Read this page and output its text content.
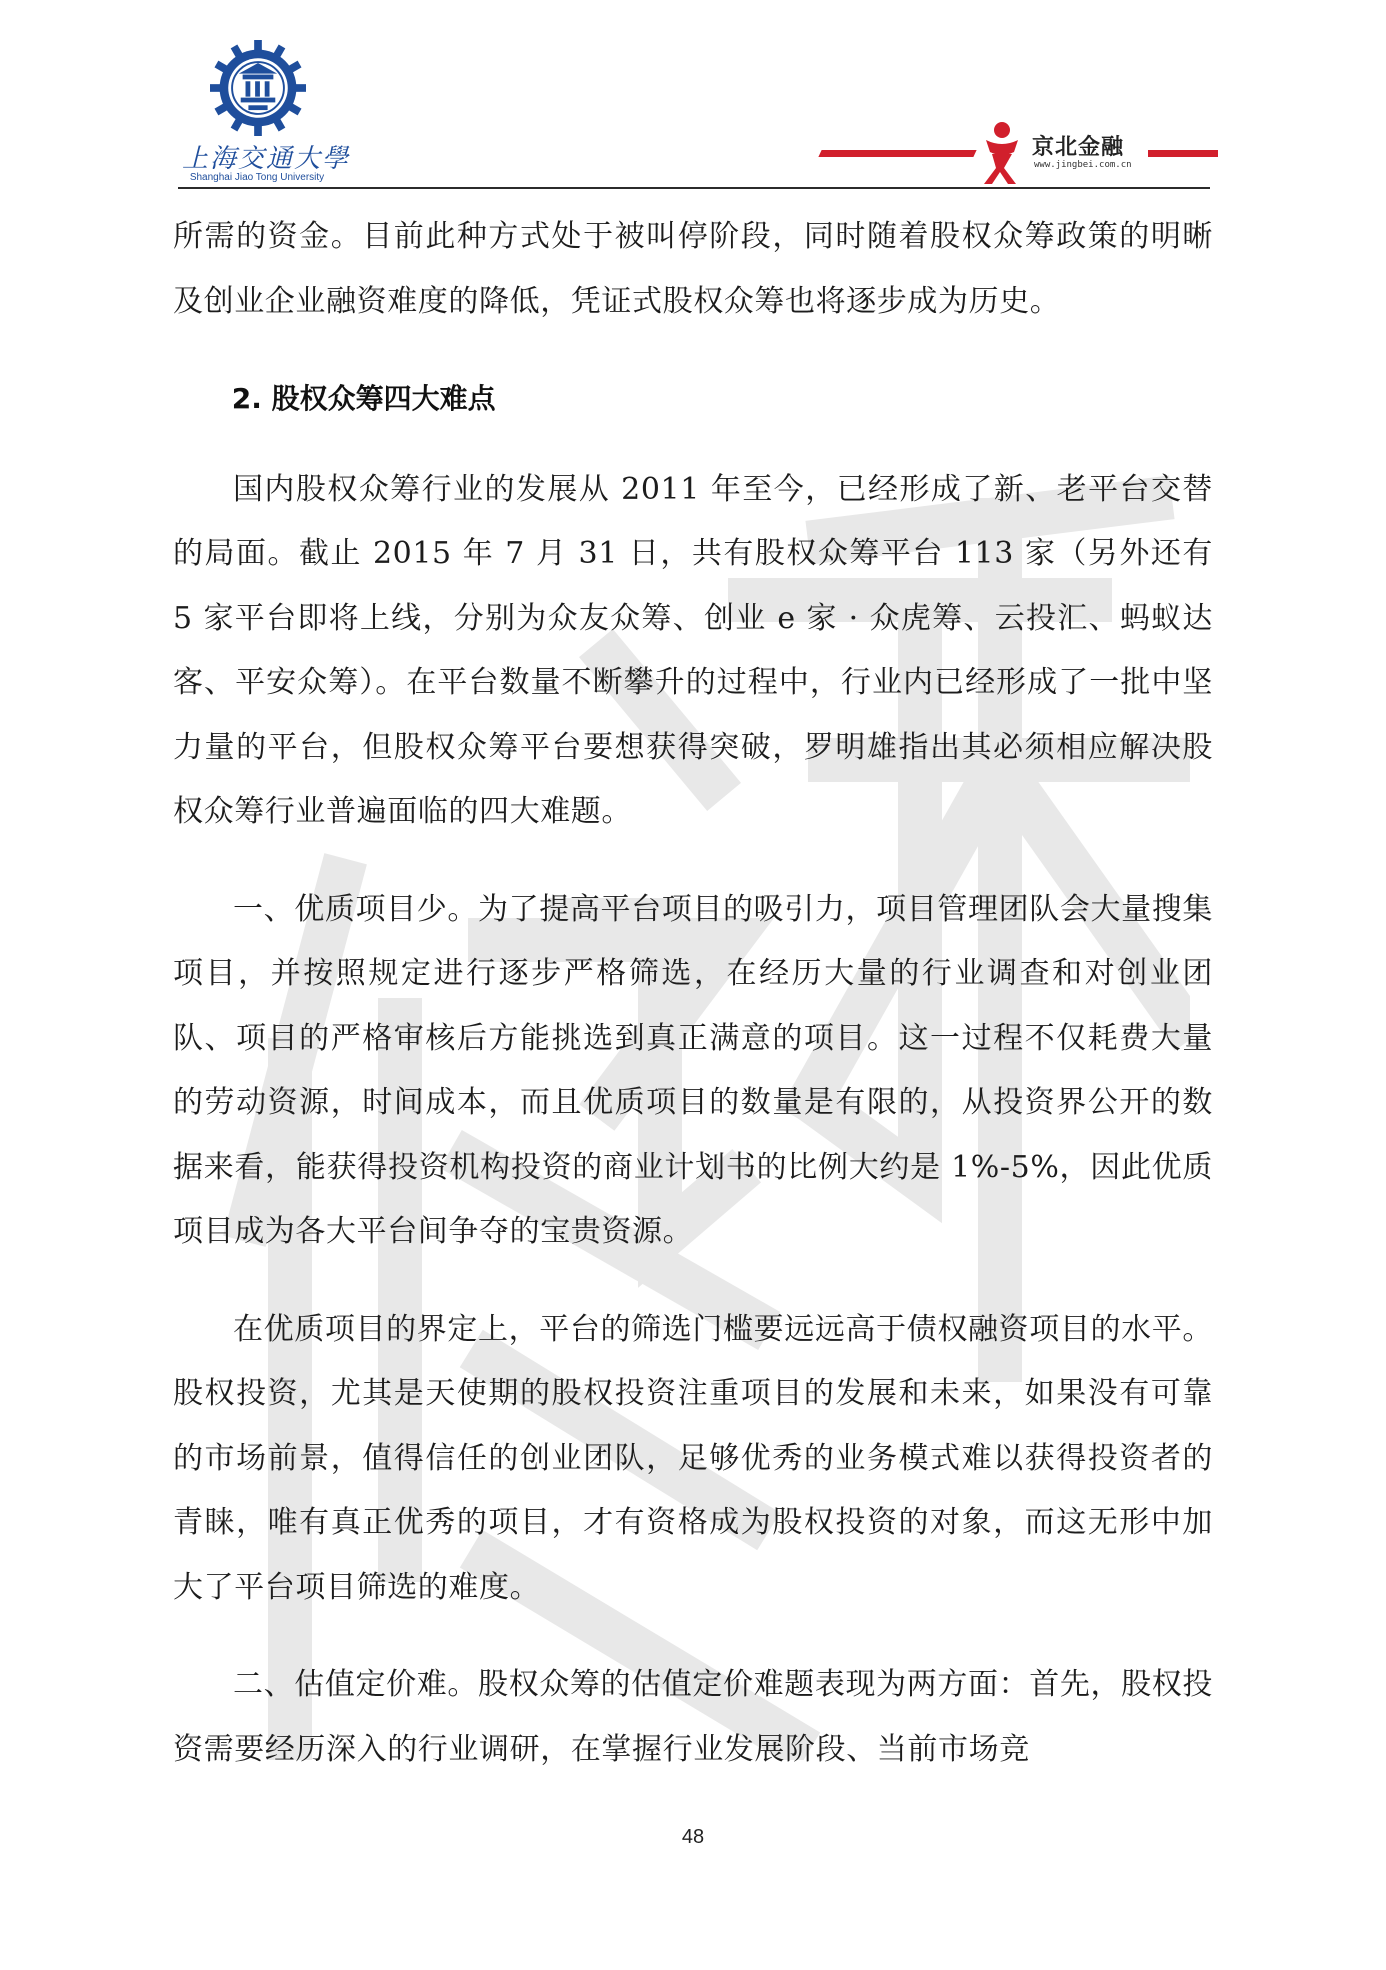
上海交通大學
Shanghai Jiao Tong University
京北金融
www.jingbei.com.cn

所需的资金。目前此种方式处于被叫停阶段，同时随着股权众筹政策的明晰及创业企业融资难度的降低，凭证式股权众筹也将逐步成为历史。

2. 股权众筹四大难点

国内股权众筹行业的发展从 2011 年至今，已经形成了新、老平台交替的局面。截止 2015 年 7 月 31 日，共有股权众筹平台 113 家（另外还有 5 家平台即将上线，分别为众友众筹、创业 e 家 · 众虎筹、云投汇、蚂蚁达客、平安众筹）。在平台数量不断攀升的过程中，行业内已经形成了一批中坚力量的平台，但股权众筹平台要想获得突破，罗明雄指出其必须相应解决股权众筹行业普遍面临的四大难题。

一、优质项目少。为了提高平台项目的吸引力，项目管理团队会大量搜集项目，并按照规定进行逐步严格筛选，在经历大量的行业调查和对创业团队、项目的严格审核后方能挑选到真正满意的项目。这一过程不仅耗费大量的劳动资源，时间成本，而且优质项目的数量是有限的，从投资界公开的数据来看，能获得投资机构投资的商业计划书的比例大约是 1%-5%，因此优质项目成为各大平台间争夺的宝贵资源。

在优质项目的界定上，平台的筛选门槛要远远高于债权融资项目的水平。股权投资，尤其是天使期的股权投资注重项目的发展和未来，如果没有可靠的市场前景，值得信任的创业团队，足够优秀的业务模式难以获得投资者的青睐，唯有真正优秀的项目，才有资格成为股权投资的对象，而这无形中加大了平台项目筛选的难度。

二、估值定价难。股权众筹的估值定价难题表现为两方面：首先，股权投资需要经历深入的行业调研，在掌握行业发展阶段、当前市场竞

48
